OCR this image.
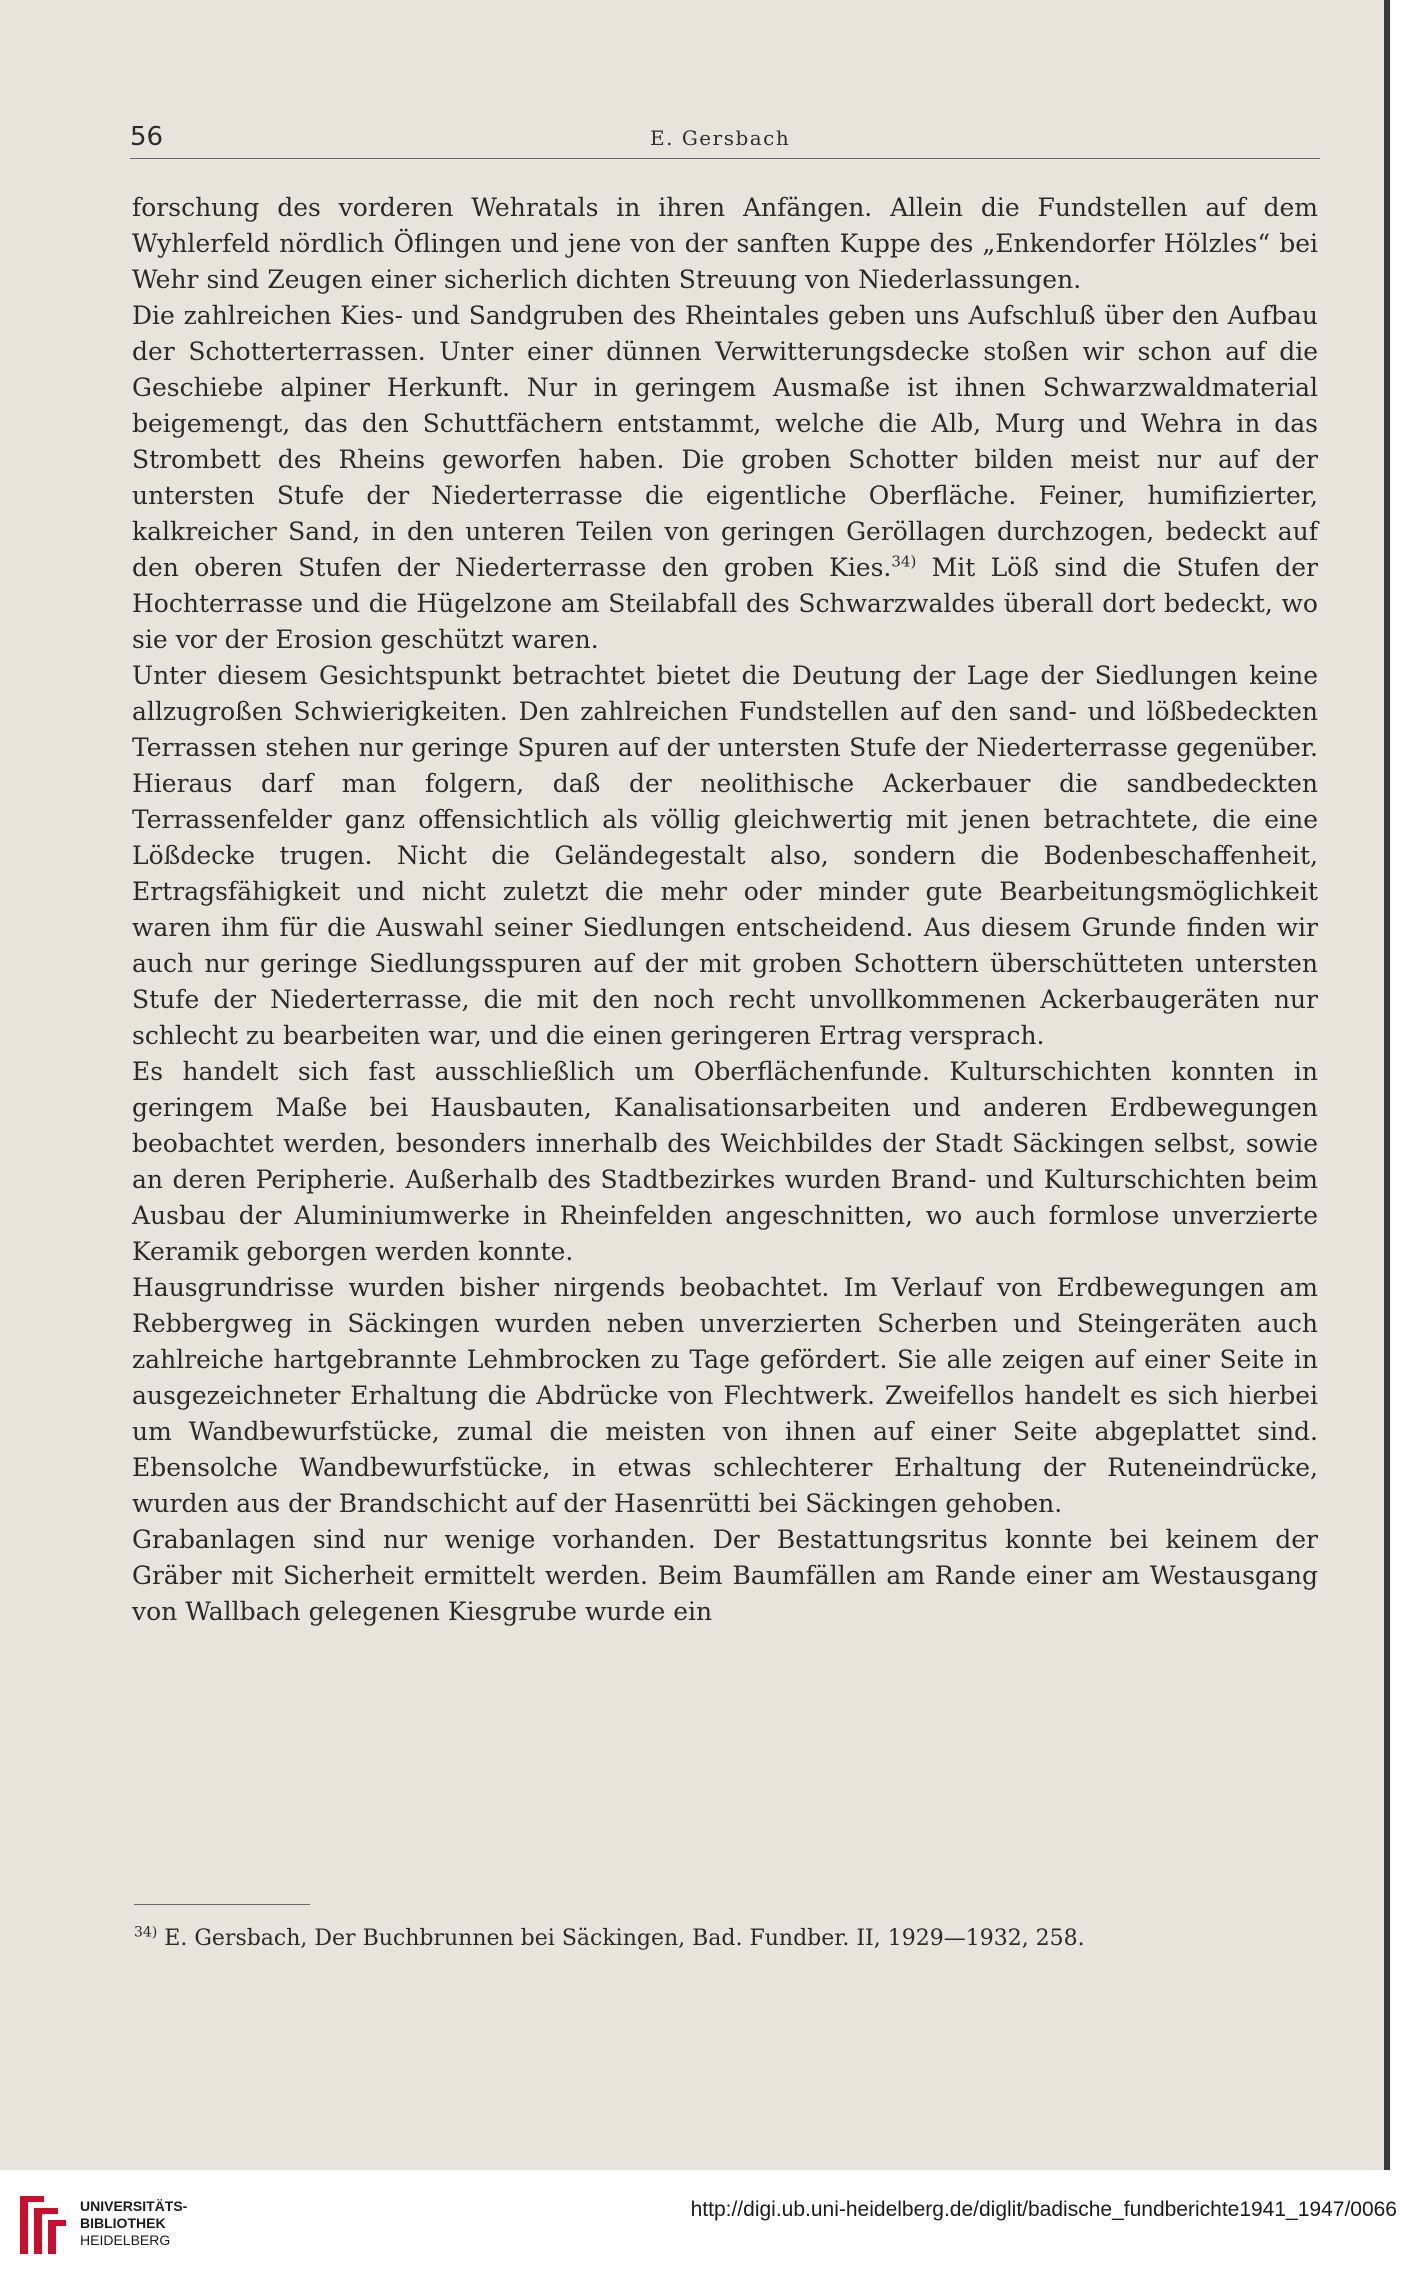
56	E. Gersbach

forschung des vorderen Wehratals in ihren Anfängen. Allein die Fundstellen auf dem Wyhlerfeld nördlich Öflingen und jene von der sanften Kuppe des „Enkendorfer Hölzles“ bei Wehr sind Zeugen einer sicherlich dichten Streuung von Niederlassungen.

Die zahlreichen Kies- und Sandgruben des Rheintales geben uns Aufschluß über den Aufbau der Schotterterrassen. Unter einer dünnen Verwitterungsdecke stoßen wir schon auf die Geschiebe alpiner Herkunft. Nur in geringem Ausmaße ist ihnen Schwarzwaldmaterial beigemengt, das den Schuttfächern entstammt, welche die Alb, Murg und Wehra in das Strombett des Rheins geworfen haben. Die groben Schotter bilden meist nur auf der untersten Stufe der Niederterrasse die eigentliche Oberfläche. Feiner, humifizierter, kalkreicher Sand, in den unteren Teilen von geringen Geröllagen durchzogen, bedeckt auf den oberen Stufen der Niederterrasse den groben Kies.$^{34)}$ Mit Löß sind die Stufen der Hochterrasse und die Hügelzone am Steilabfall des Schwarzwaldes überall dort bedeckt, wo sie vor der Erosion geschützt waren.

Unter diesem Gesichtspunkt betrachtet bietet die Deutung der Lage der Siedlungen keine allzugroßen Schwierigkeiten. Den zahlreichen Fundstellen auf den sand- und lößbedeckten Terrassen stehen nur geringe Spuren auf der untersten Stufe der Niederterrasse gegenüber. Hieraus darf man folgern, daß der neolithische Ackerbauer die sandbedeckten Terrassenfelder ganz offensichtlich als völlig gleichwertig mit jenen betrachtete, die eine Lößdecke trugen. Nicht die Geländegestalt also, sondern die Bodenbeschaffenheit, Ertragsfähigkeit und nicht zuletzt die mehr oder minder gute Bearbeitungsmöglichkeit waren ihm für die Auswahl seiner Siedlungen entscheidend. Aus diesem Grunde finden wir auch nur geringe Siedlungsspuren auf der mit groben Schottern überschütteten untersten Stufe der Niederterrasse, die mit den noch recht unvollkommenen Ackerbaugeräten nur schlecht zu bearbeiten war, und die einen geringeren Ertrag versprach.

Es handelt sich fast ausschließlich um Oberflächenfunde. Kulturschichten konnten in geringem Maße bei Hausbauten, Kanalisationsarbeiten und anderen Erdbewegungen beobachtet werden, besonders innerhalb des Weichbildes der Stadt Säckingen selbst, sowie an deren Peripherie. Außerhalb des Stadtbezirkes wurden Brand- und Kulturschichten beim Ausbau der Aluminiumwerke in Rheinfelden angeschnitten, wo auch formlose unverzierte Keramik geborgen werden konnte.

Hausgrundrisse wurden bisher nirgends beobachtet. Im Verlauf von Erdbewegungen am Rebbergweg in Säckingen wurden neben unverzierten Scherben und Steingeräten auch zahlreiche hartgebrannte Lehmbrocken zu Tage gefördert. Sie alle zeigen auf einer Seite in ausgezeichneter Erhaltung die Abdrücke von Flechtwerk. Zweifellos handelt es sich hierbei um Wandbewurfstücke, zumal die meisten von ihnen auf einer Seite abgeplattet sind. Ebensolche Wandbewurfstücke, in etwas schlechterer Erhaltung der Ruteneindrücke, wurden aus der Brandschicht auf der Hasenrütti bei Säckingen gehoben.

Grabanlagen sind nur wenige vorhanden. Der Bestattungsritus konnte bei keinem der Gräber mit Sicherheit ermittelt werden. Beim Baumfällen am Rande einer am Westausgang von Wallbach gelegenen Kiesgrube wurde ein

$^{34)}$ E. Gersbach, Der Buchbrunnen bei Säckingen, Bad. Fundber. II, 1929—1932, 258.
UNIVERSITÄTS-
BIBLIOTHEK
HEIDELBERG
http://digi.ub.uni-heidelberg.de/diglit/badische_fundberichte1941_1947/0066
